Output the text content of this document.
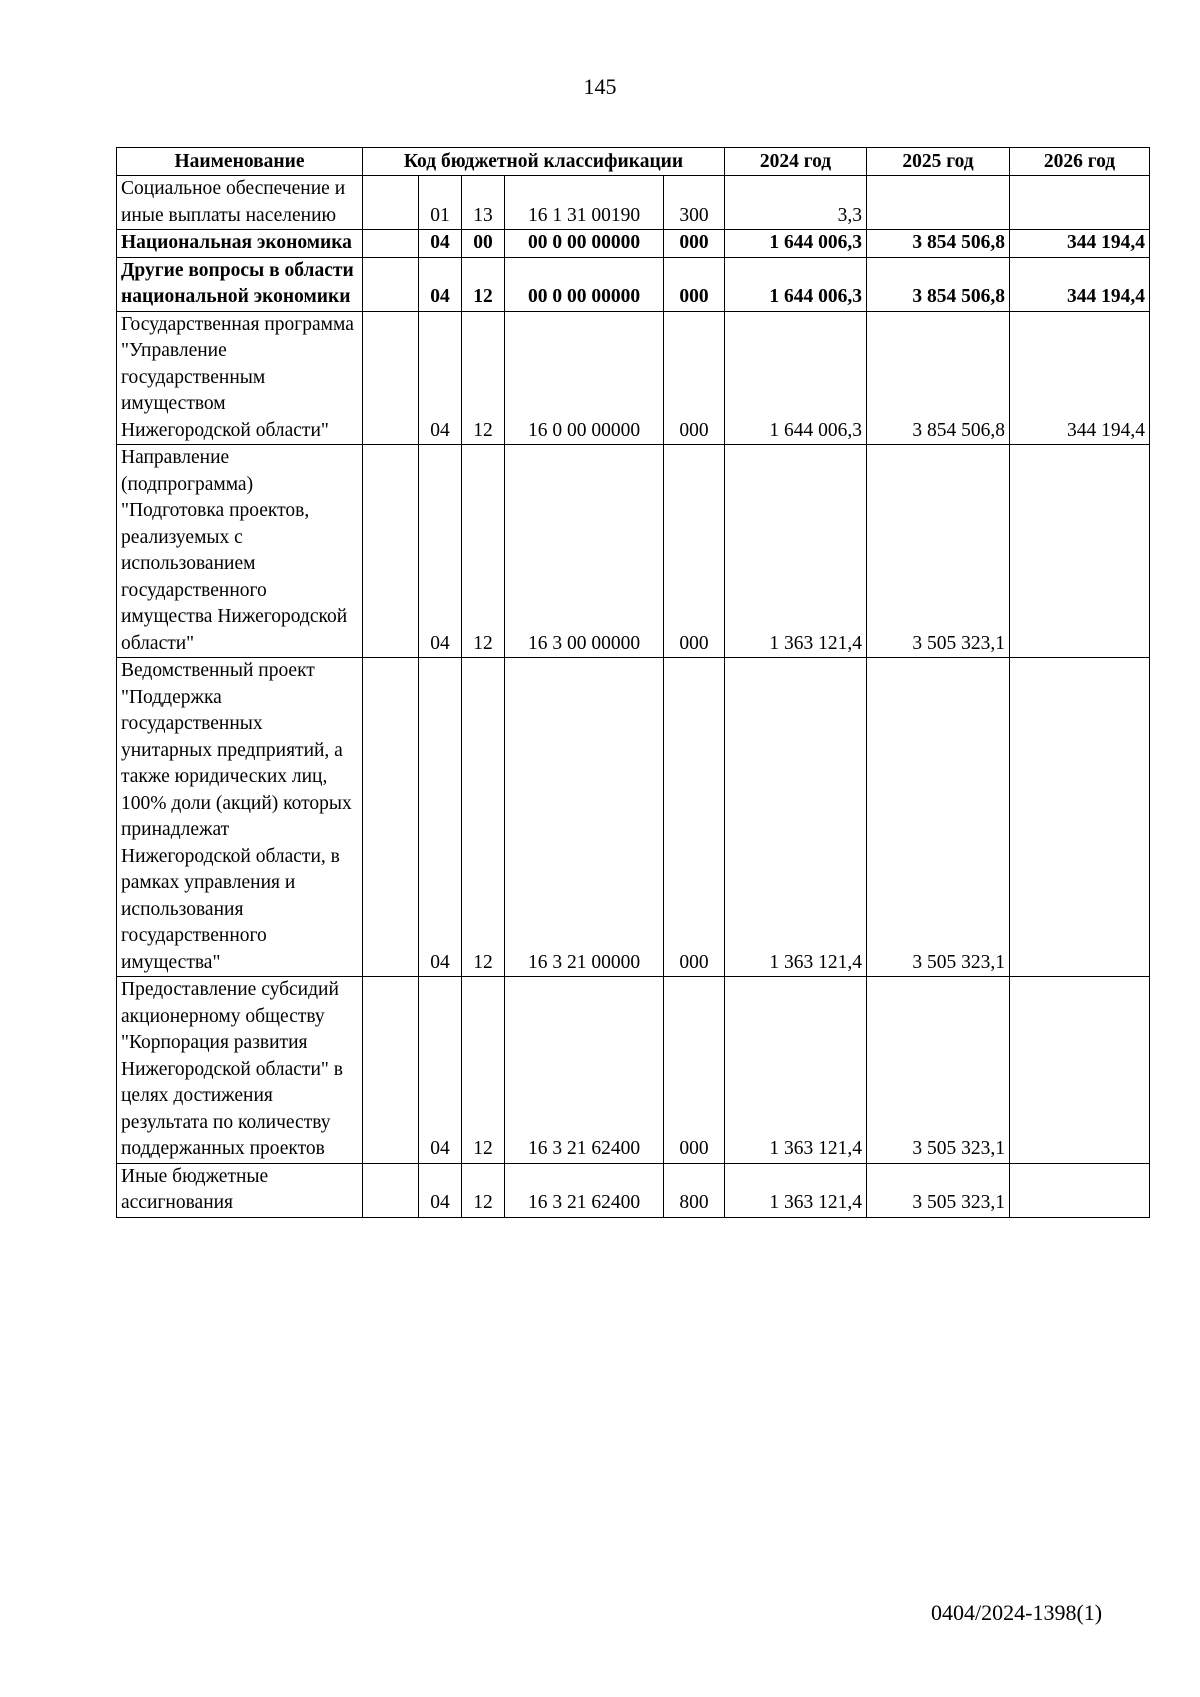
145
Наименование	Код бюджетной классификации					2024 год	2025 год	2026 год
Социальное обеспечение и иные выплаты населению		01	13	16 1 31 00190	300	3,3		
Национальная экономика		04	00	00 0 00 00000	000	1 644 006,3	3 854 506,8	344 194,4
Другие вопросы в области национальной экономики		04	12	00 0 00 00000	000	1 644 006,3	3 854 506,8	344 194,4
Государственная программа "Управление государственным имуществом Нижегородской области"		04	12	16 0 00 00000	000	1 644 006,3	3 854 506,8	344 194,4
Направление (подпрограмма) "Подготовка проектов, реализуемых с использованием государственного имущества Нижегородской области"		04	12	16 3 00 00000	000	1 363 121,4	3 505 323,1	
Ведомственный проект "Поддержка государственных унитарных предприятий, а также юридических лиц, 100% доли (акций) которых принадлежат Нижегородской области, в рамках управления и использования государственного имущества"		04	12	16 3 21 00000	000	1 363 121,4	3 505 323,1	
Предоставление субсидий акционерному обществу "Корпорация развития Нижегородской области" в целях достижения результата по количеству поддержанных проектов		04	12	16 3 21 62400	000	1 363 121,4	3 505 323,1	
Иные бюджетные ассигнования		04	12	16 3 21 62400	800	1 363 121,4	3 505 323,1	
0404/2024-1398(1)
